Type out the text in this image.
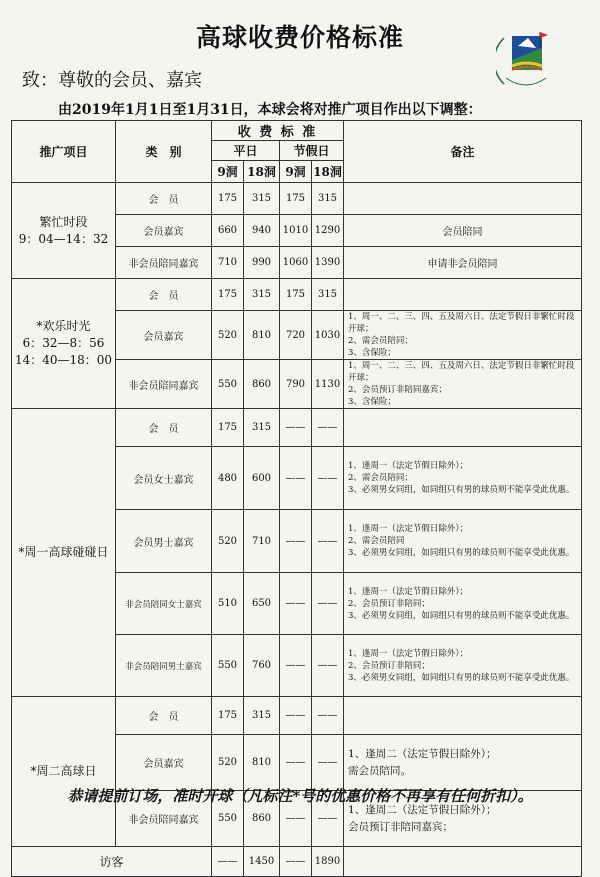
高球收费价格标准
致：尊敬的会员、嘉宾
由2019年1月1日至1月31日，本球会将对推广项目作出以下调整：
推广项目	类　别	收 费 标 准				备注
		平日		节假日		
		9洞	18洞	9洞	18洞	

繁忙时段
9：04—14：32	会　员	175	315	175	315	
	会员嘉宾	660	940	1010	1290	会员陪同

	非会员陪同嘉宾	710	990	1060	1390	申请非会员陪同

*欢乐时光
6：32—8：56
14：40—18：00	会　员	175	315	175	315	
	会员嘉宾	520	810	720	1030	1、周一、二、三、四、五及周六日、法定节假日非繁忙时段开球；
2、需会员陪同；
3、含保险；

	非会员陪同嘉宾	550	860	790	1130	1、周一、二、三、四、五及周六日、法定节假日非繁忙时段开球；
2、会员预订非陪同嘉宾；
3、含保险；

*周一高球碰碰日	会　员	175	315	——	——	
	会员女士嘉宾	480	600	——	——	1、逢周一（法定节假日除外）；
2、需会员陪同；
3、必须男女同组，如同组只有男的球员则不能享受此优惠。

	会员男士嘉宾	520	710	——	——	1、逢周一（法定节假日除外）；
2、需会员陪同
3、必须男女同组，如同组只有男的球员则不能享受此优惠。

	非会员陪同女士嘉宾	510	650	——	——	1、逢周一（法定节假日除外）；
2、会员预订非陪同；
3、必须男女同组，如同组只有男的球员则不能享受此优惠。

	非会员陪同男士嘉宾	550	760	——	——	1、逢周一（法定节假日除外）；
2、会员预订非陪同；
3、必须男女同组，如同组只有男的球员则不能享受此优惠。

*周二高球日	会　员	175	315	——	——	
	会员嘉宾	520	810	——	——	1、逢周二（法定节假日除外）；
需会员陪同。

	非会员陪同嘉宾	550	860	——	——	1、逢周二（法定节假日除外）；
会员预订非陪同嘉宾；

访客		——	1450	——	1890	
恭请提前订场，准时开球（凡标注*号的优惠价格不再享有任何折扣）。
